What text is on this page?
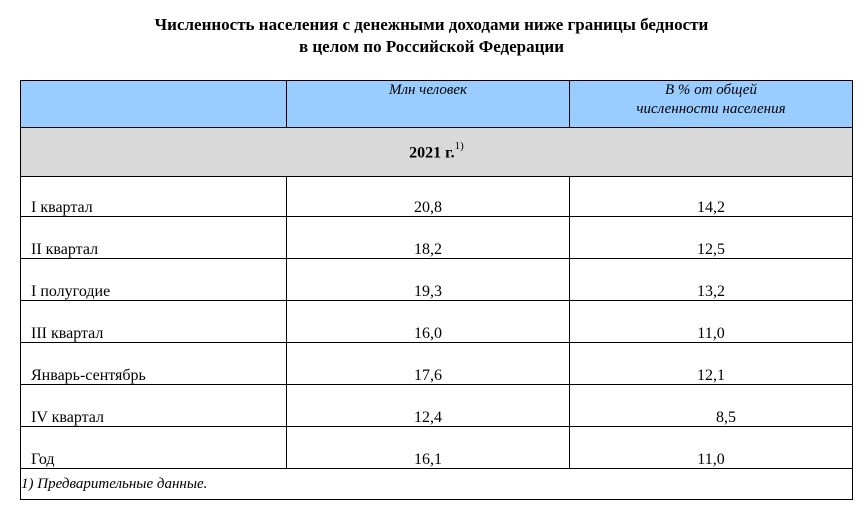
Численность населения с денежными доходами ниже границы бедности
в целом по Российской Федерации
	Млн человек	В % от общей
численности населения

2021 г.$^{1)}$
I квартал	20,8	14,2
II квартал	18,2	12,5
I полугодие	19,3	13,2
III квартал	16,0	11,0
Январь-сентябрь	17,6	12,1
IV квартал	12,4	8,5
Год	16,1	11,0
1) Предварительные данные.		
